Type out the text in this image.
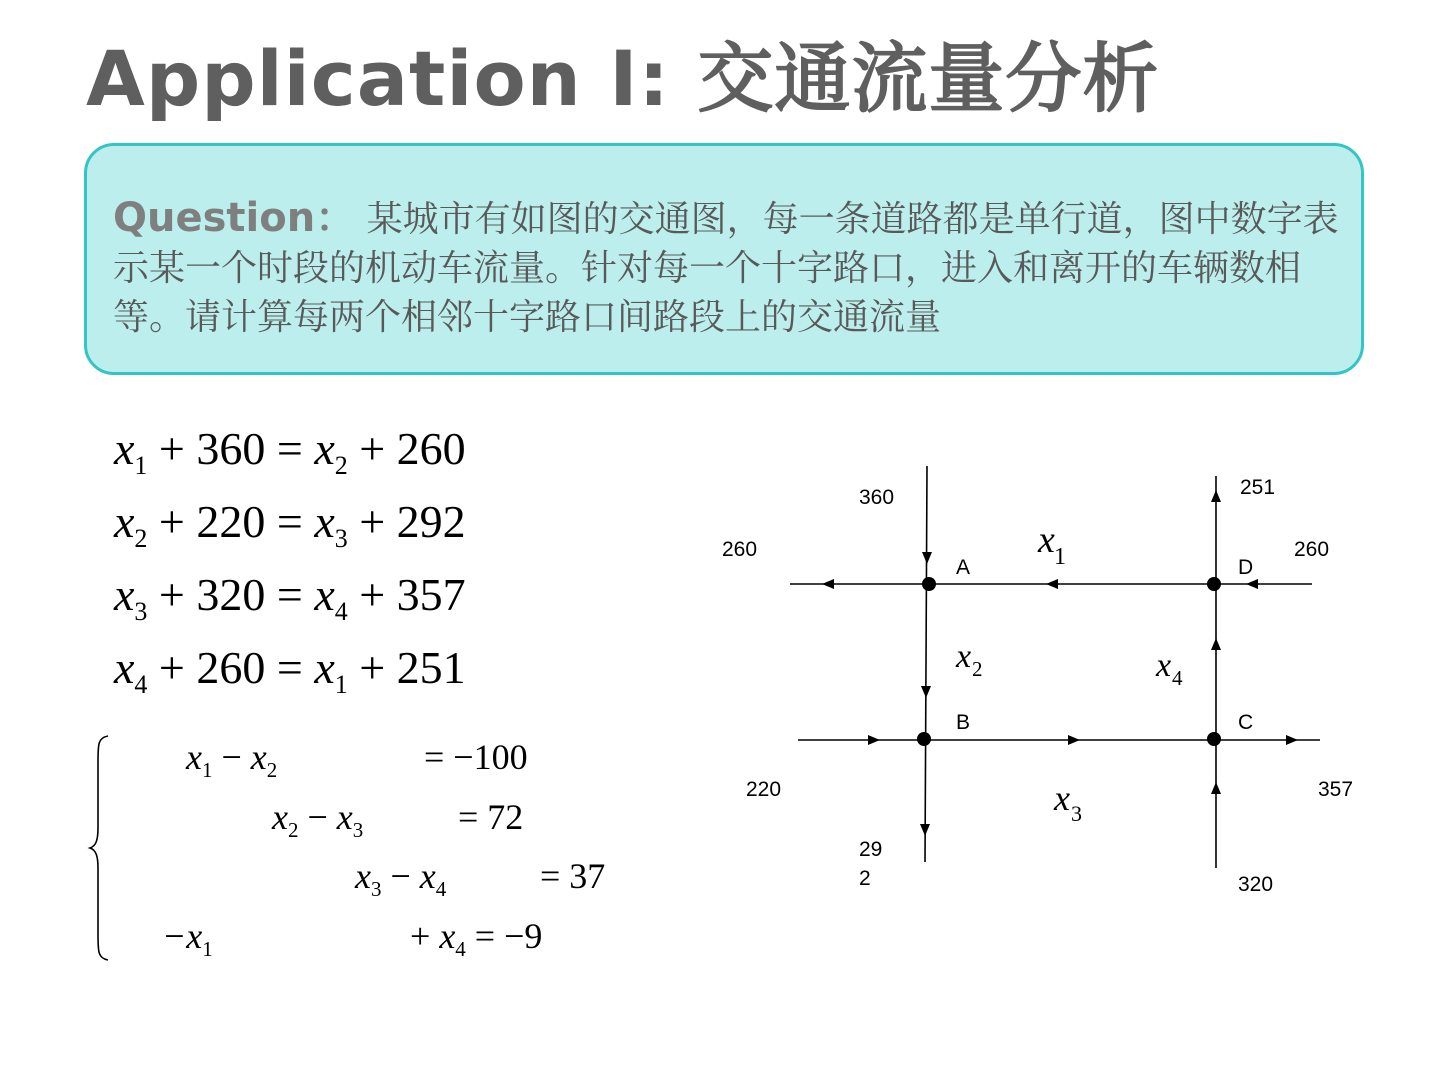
Application I: 交通流量分析
Question： 某城市有如图的交通图，每一条道路都是单行道，图中数字表示某一个时段的机动车流量。针对每一个十字路口，进入和离开的车辆数相等。请计算每两个相邻十字路口间路段上的交通流量
$x_1 + 360 = x_2 + 260$
$x_2 + 220 = x_3 + 292$
$x_3 + 320 = x_4 + 357$
$x_4 + 260 = x_1 + 251$
$x_1 - x_2$	= −100
$x_2 - x_3$	= 72
$x_3 - x_4$	= 37
$-x_1$	+ $x_4 = -9$
A	D
B	C
360
260
251
260
220
29
2
357
320
x 1
x 2
x 3
x 4
